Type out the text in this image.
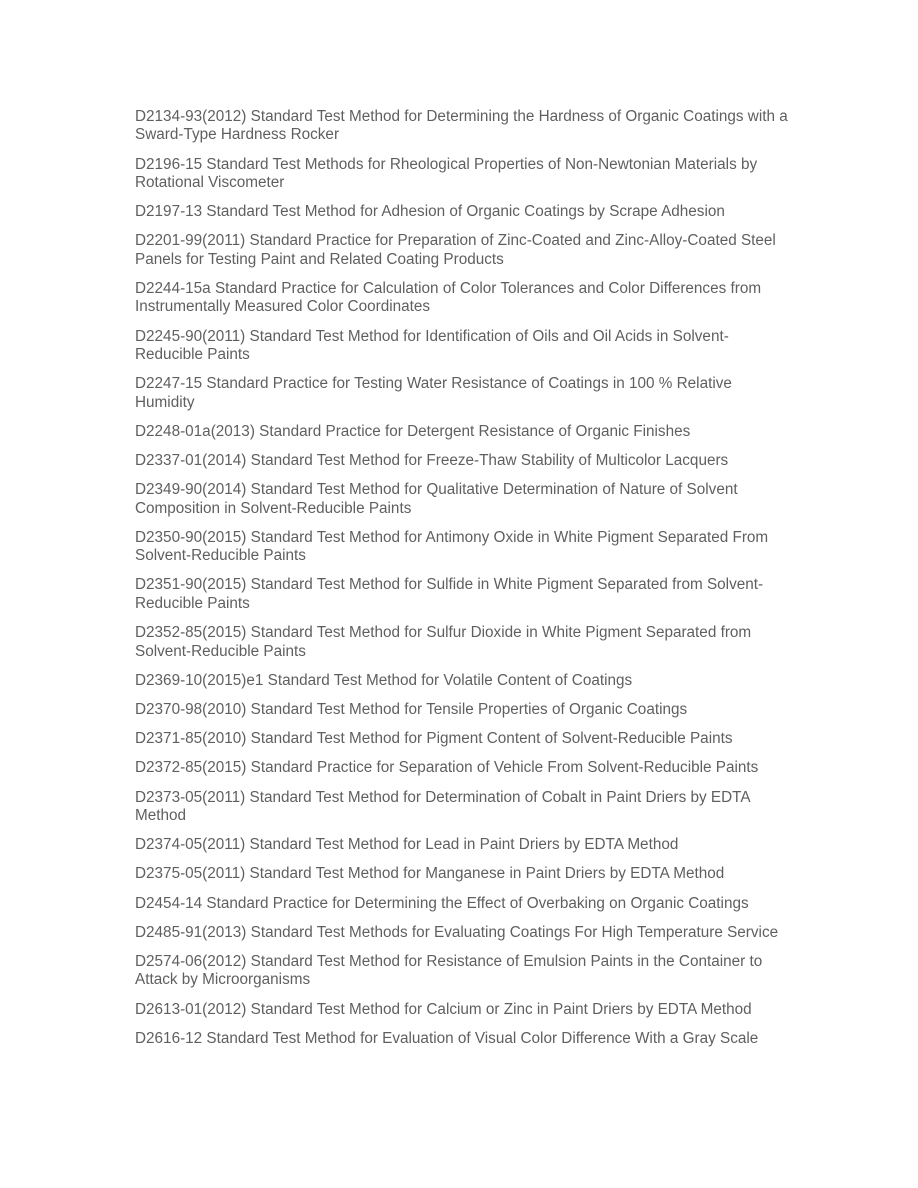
D2134-93(2012) Standard Test Method for Determining the Hardness of Organic Coatings with a Sward-Type Hardness Rocker
D2196-15 Standard Test Methods for Rheological Properties of Non-Newtonian Materials by Rotational Viscometer
D2197-13 Standard Test Method for Adhesion of Organic Coatings by Scrape Adhesion
D2201-99(2011) Standard Practice for Preparation of Zinc-Coated and Zinc-Alloy-Coated Steel Panels for Testing Paint and Related Coating Products
D2244-15a Standard Practice for Calculation of Color Tolerances and Color Differences from Instrumentally Measured Color Coordinates
D2245-90(2011) Standard Test Method for Identification of Oils and Oil Acids in Solvent-Reducible Paints
D2247-15 Standard Practice for Testing Water Resistance of Coatings in 100 % Relative Humidity
D2248-01a(2013) Standard Practice for Detergent Resistance of Organic Finishes
D2337-01(2014) Standard Test Method for Freeze-Thaw Stability of Multicolor Lacquers
D2349-90(2014) Standard Test Method for Qualitative Determination of Nature of Solvent Composition in Solvent-Reducible Paints
D2350-90(2015) Standard Test Method for Antimony Oxide in White Pigment Separated From Solvent-Reducible Paints
D2351-90(2015) Standard Test Method for Sulfide in White Pigment Separated from Solvent-Reducible Paints
D2352-85(2015) Standard Test Method for Sulfur Dioxide in White Pigment Separated from Solvent-Reducible Paints
D2369-10(2015)e1 Standard Test Method for Volatile Content of Coatings
D2370-98(2010) Standard Test Method for Tensile Properties of Organic Coatings
D2371-85(2010) Standard Test Method for Pigment Content of Solvent-Reducible Paints
D2372-85(2015) Standard Practice for Separation of Vehicle From Solvent-Reducible Paints
D2373-05(2011) Standard Test Method for Determination of Cobalt in Paint Driers by EDTA Method
D2374-05(2011) Standard Test Method for Lead in Paint Driers by EDTA Method
D2375-05(2011) Standard Test Method for Manganese in Paint Driers by EDTA Method
D2454-14 Standard Practice for Determining the Effect of Overbaking on Organic Coatings
D2485-91(2013) Standard Test Methods for Evaluating Coatings For High Temperature Service
D2574-06(2012) Standard Test Method for Resistance of Emulsion Paints in the Container to Attack by Microorganisms
D2613-01(2012) Standard Test Method for Calcium or Zinc in Paint Driers by EDTA Method
D2616-12 Standard Test Method for Evaluation of Visual Color Difference With a Gray Scale
